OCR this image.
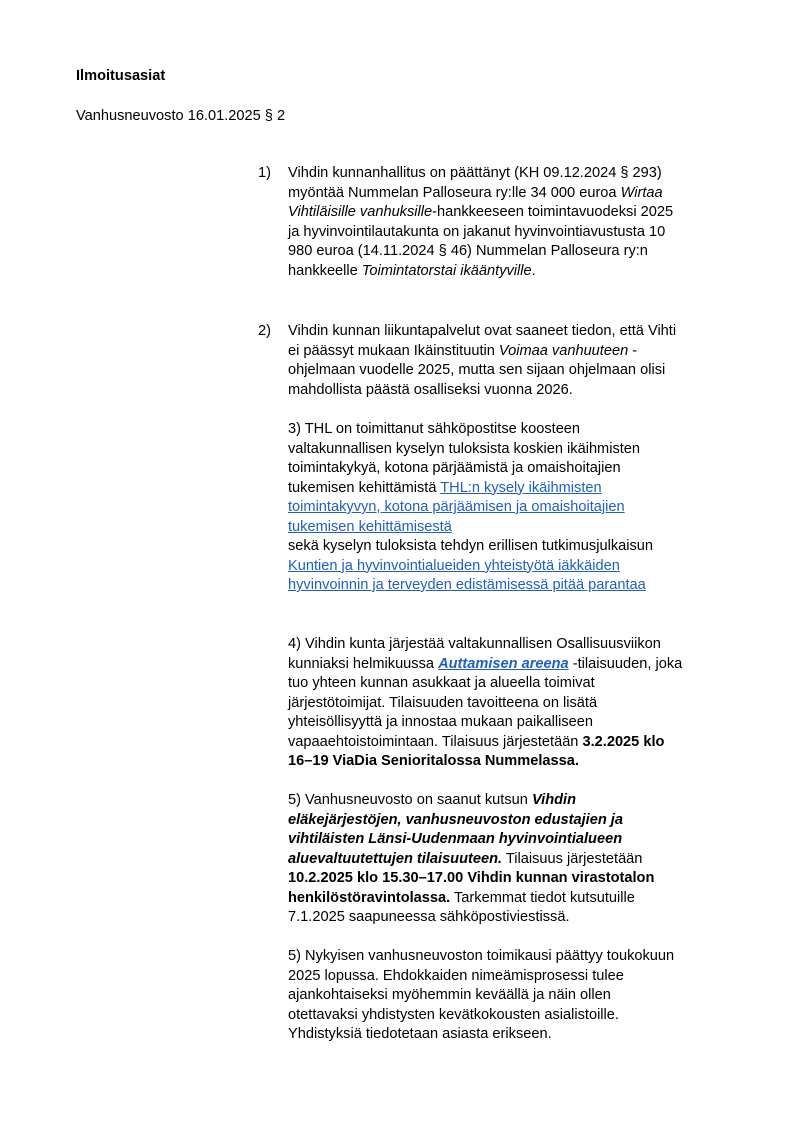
Ilmoitusasiat
Vanhusneuvosto 16.01.2025 § 2
1)	Vihdin kunnanhallitus on päättänyt (KH 09.12.2024 § 293) myöntää Nummelan Palloseura ry:lle 34 000 euroa Wirtaa Vihtiläisille vanhuksille-hankkeeseen toimintavuodeksi 2025 ja hyvinvointilautakunta on jakanut hyvinvointiavustusta 10 980 euroa (14.11.2024 § 46) Nummelan Palloseura ry:n hankkeelle Toimintatorstai ikääntyville.
2)	Vihdin kunnan liikuntapalvelut ovat saaneet tiedon, että Vihti ei päässyt mukaan Ikäinstituutin Voimaa vanhuuteen -ohjelmaan vuodelle 2025, mutta sen sijaan ohjelmaan olisi mahdollista päästä osalliseksi vuonna 2026.
3) THL on toimittanut sähköpostitse koosteen valtakunnallisen kyselyn tuloksista koskien ikäihmisten toimintakykyä, kotona pärjäämistä ja omaishoitajien tukemisen kehittämistä THL:n kysely ikäihmisten toimintakyvyn, kotona pärjäämisen ja omaishoitajien tukemisen kehittämisestä
sekä kyselyn tuloksista tehdyn erillisen tutkimusjulkaisun Kuntien ja hyvinvointialueiden yhteistyötä iäkkäiden hyvinvoinnin ja terveyden edistämisessä pitää parantaa
4) Vihdin kunta järjestää valtakunnallisen Osallisuusviikon kunniaksi helmikuussa Auttamisen areena -tilaisuuden, joka tuo yhteen kunnan asukkaat ja alueella toimivat järjestötoimijat. Tilaisuuden tavoitteena on lisätä yhteisöllisyyttä ja innostaa mukaan paikalliseen vapaaehtoistoimintaan. Tilaisuus järjestetään 3.2.2025 klo 16–19 ViaDia Senioritalossa Nummelassa.
5) Vanhusneuvosto on saanut kutsun Vihdin eläkejärjestöjen, vanhusneuvoston edustajien ja vihtiläisten Länsi-Uudenmaan hyvinvointialueen aluevaltuutettujen tilaisuuteen. Tilaisuus järjestetään 10.2.2025 klo 15.30–17.00 Vihdin kunnan virastotalon henkilöstöravintolassa. Tarkemmat tiedot kutsutuille 7.1.2025 saapuneessa sähköpostiviestissä.
5) Nykyisen vanhusneuvoston toimikausi päättyy toukokuun 2025 lopussa. Ehdokkaiden nimeämisprosessi tulee ajankohtaiseksi myöhemmin keväällä ja näin ollen otettavaksi yhdistysten kevätkokousten asialistoille. Yhdistyksiä tiedotetaan asiasta erikseen.
